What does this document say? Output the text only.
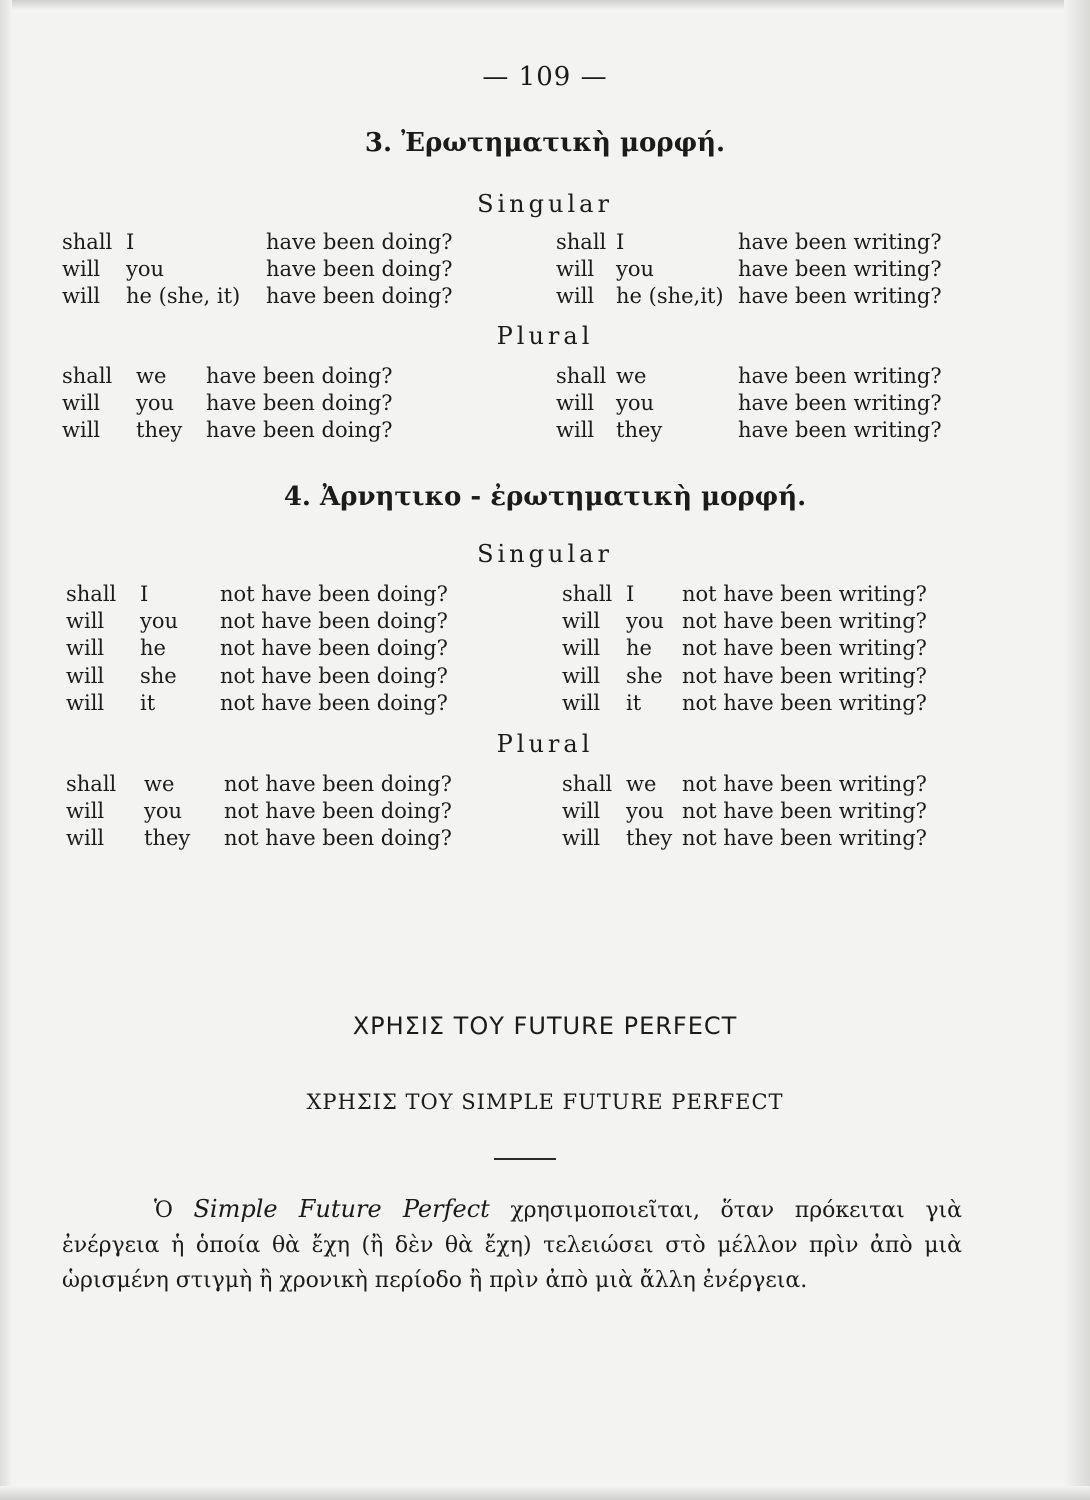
— 109 —
3. Ἐρωτηματικὴ μορφή.
Singular
shall I	have been doing?	shall I	have been writing?
will you	have been doing?	will you	have been writing?
will he (she, it) have been doing?	will he (she,it) have been writing?
Plural
shall we have been doing?	shall we	have been writing?
will you have been doing?	will you	have been writing?
will they have been doing?	will they	have been writing?
4. Ἀρνητικο - ἐρωτηματικὴ μορφή.
Singular
shall I	not have been doing?	shall I not have been writing?
will you not have been doing?	will you not have been writing?
will he	not have been doing?	will he not have been writing?
will she not have been doing?	will she not have been writing?
will it	not have been doing?	will it not have been writing?
Plural
shall we not have been doing?	shall we not have been writing?
will you not have been doing?	will you not have been writing?
will they not have been doing?	will they not have been writing?
ΧΡΗΣΙΣ ΤΟΥ FUTURE PERFECT
ΧΡΗΣΙΣ ΤΟΥ SIMPLE FUTURE PERFECT
Ὁ Simple Future Perfect χρησιμοποιεῖται, ὅταν πρόκειται γιὰ ἐνέργεια ἡ ὁποία θὰ ἔχη (ἢ δὲν θὰ ἔχη) τελειώσει στὸ μέλλον πρὶν ἀπὸ μιὰ ὡρισμένη στιγμὴ ἢ χρονικὴ περίοδο ἢ πρὶν ἀπὸ μιὰ ἄλλη ἐνέργεια.
